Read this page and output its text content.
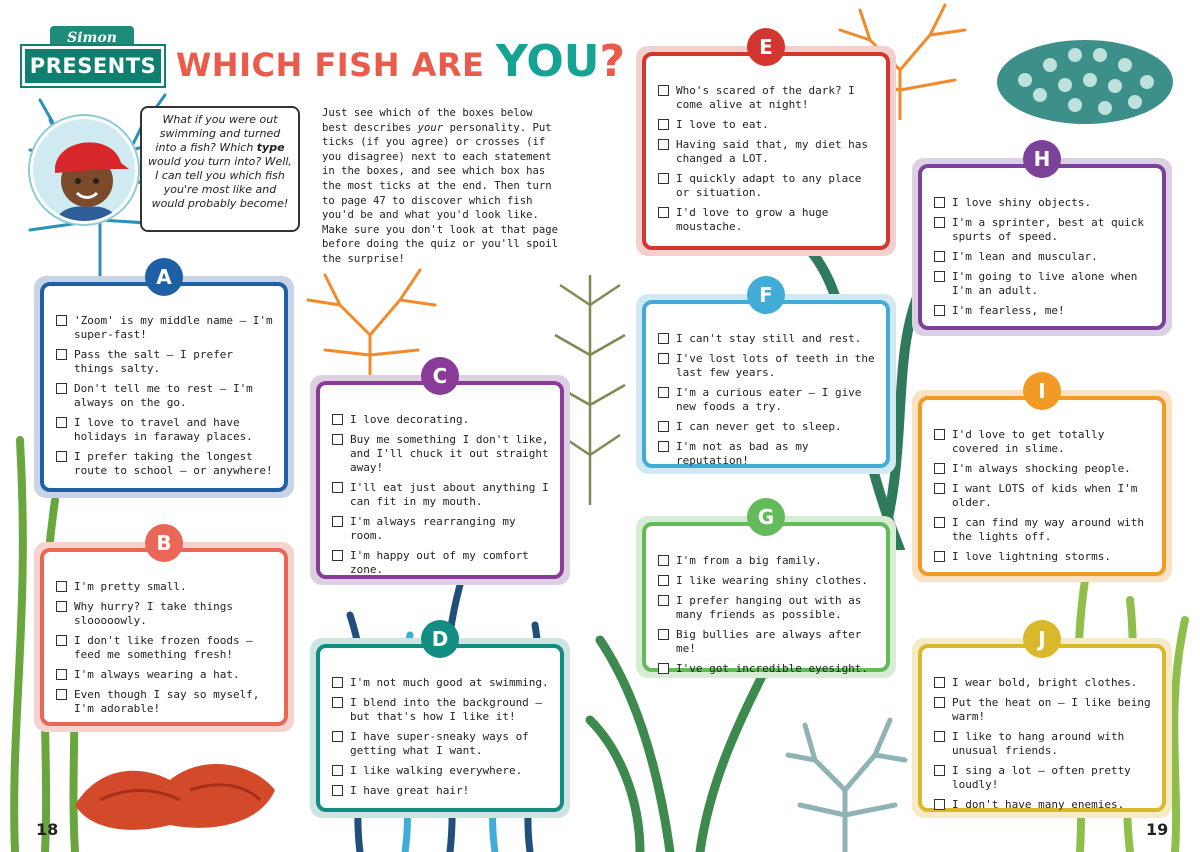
Simon
PRESENTS WHICH FISH ARE YOU?
What if you were out swimming and turned into a fish? Which type would you turn into? Well, I can tell you which fish you're most like and would probably become!
Just see which of the boxes below best describes your personality. Put ticks (if you agree) or crosses (if you disagree) next to each statement in the boxes, and see which box has the most ticks at the end. Then turn to page 47 to discover which fish you'd be and what you'd look like. Make sure you don't look at that page before doing the quiz or you'll spoil the surprise!
'Zoom' is my middle name – I'm super-fast!
Pass the salt – I prefer things salty.
Don't tell me to rest – I'm always on the go.
I love to travel and have holidays in faraway places.
I prefer taking the longest route to school – or anywhere!
A
I'm pretty small.
Why hurry? I take things slooooowly.
I don't like frozen foods – feed me something fresh!
I'm always wearing a hat.
Even though I say so myself, I'm adorable!
B
I love decorating.
Buy me something I don't like, and I'll chuck it out straight away!
I'll eat just about anything I can fit in my mouth.
I'm always rearranging my room.
I'm happy out of my comfort zone.
C
I'm not much good at swimming.
I blend into the background – but that's how I like it!
I have super-sneaky ways of getting what I want.
I like walking everywhere.
I have great hair!
D
Who's scared of the dark? I come alive at night!
I love to eat.
Having said that, my diet has changed a LOT.
I quickly adapt to any place or situation.
I'd love to grow a huge moustache.
E
I can't stay still and rest.
I've lost lots of teeth in the last few years.
I'm a curious eater – I give new foods a try.
I can never get to sleep.
I'm not as bad as my reputation!
F
I'm from a big family.
I like wearing shiny clothes.
I prefer hanging out with as many friends as possible.
Big bullies are always after me!
I've got incredible eyesight.
G
I love shiny objects.
I'm a sprinter, best at quick spurts of speed.
I'm lean and muscular.
I'm going to live alone when I'm an adult.
I'm fearless, me!
H
I'd love to get totally covered in slime.
I'm always shocking people.
I want LOTS of kids when I'm older.
I can find my way around with the lights off.
I love lightning storms.
I
I wear bold, bright clothes.
Put the heat on – I like being warm!
I like to hang around with unusual friends.
I sing a lot – often pretty loudly!
I don't have many enemies.
J
18	19
